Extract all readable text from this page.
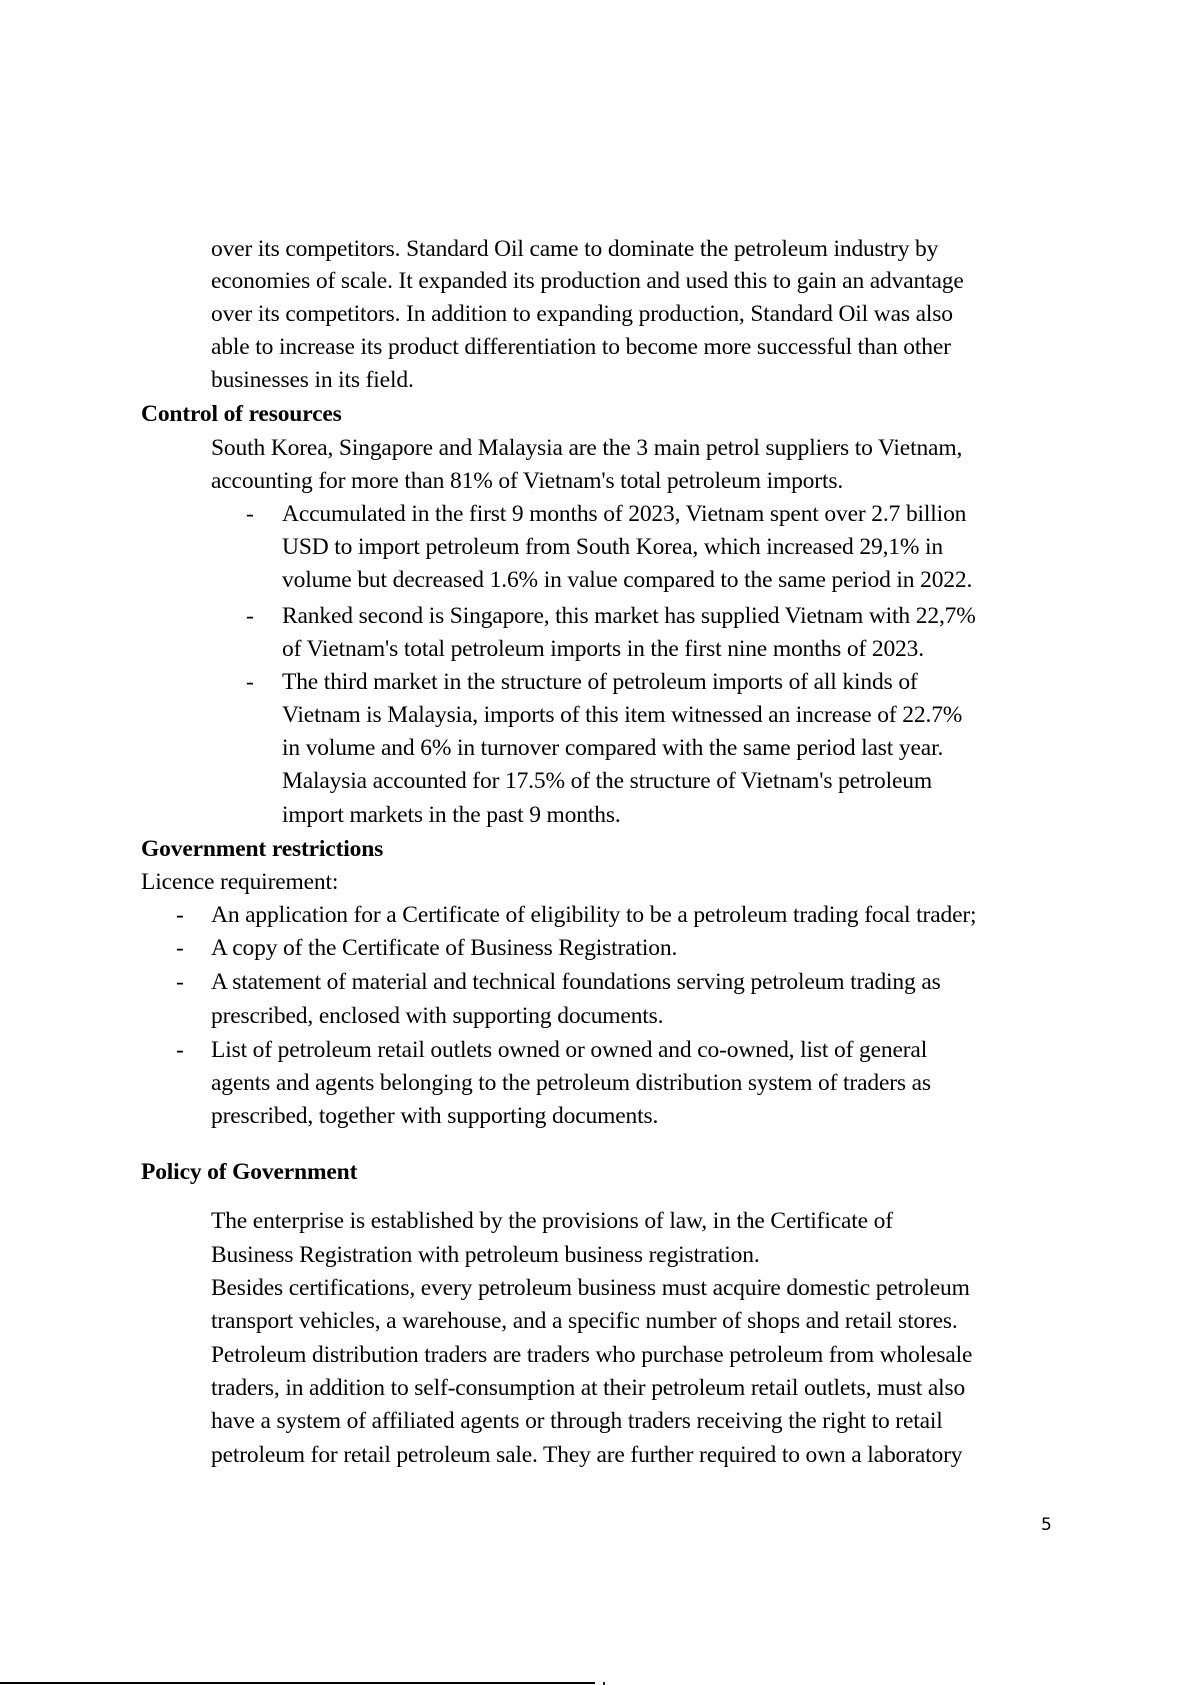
over its competitors. Standard Oil came to dominate the petroleum industry by
economies of scale. It expanded its production and used this to gain an advantage
over its competitors. In addition to expanding production, Standard Oil was also
able to increase its product differentiation to become more successful than other
businesses in its field.
Control of resources
South Korea, Singapore and Malaysia are the 3 main petrol suppliers to Vietnam,
accounting for more than 81% of Vietnam's total petroleum imports.
- Accumulated in the first 9 months of 2023, Vietnam spent over 2.7 billion
USD to import petroleum from South Korea, which increased 29,1% in
volume but decreased 1.6% in value compared to the same period in 2022.
- Ranked second is Singapore, this market has supplied Vietnam with 22,7%
of Vietnam's total petroleum imports in the first nine months of 2023.
- The third market in the structure of petroleum imports of all kinds of
Vietnam is Malaysia, imports of this item witnessed an increase of 22.7%
in volume and 6% in turnover compared with the same period last year.
Malaysia accounted for 17.5% of the structure of Vietnam's petroleum
import markets in the past 9 months.
Government restrictions
Licence requirement:
- An application for a Certificate of eligibility to be a petroleum trading focal trader;
- A copy of the Certificate of Business Registration.
- A statement of material and technical foundations serving petroleum trading as
prescribed, enclosed with supporting documents.
- List of petroleum retail outlets owned or owned and co-owned, list of general
agents and agents belonging to the petroleum distribution system of traders as
prescribed, together with supporting documents.
Policy of Government
The enterprise is established by the provisions of law, in the Certificate of
Business Registration with petroleum business registration.
Besides certifications, every petroleum business must acquire domestic petroleum
transport vehicles, a warehouse, and a specific number of shops and retail stores.
Petroleum distribution traders are traders who purchase petroleum from wholesale
traders, in addition to self-consumption at their petroleum retail outlets, must also
have a system of affiliated agents or through traders receiving the right to retail
petroleum for retail petroleum sale. They are further required to own a laboratory
5
